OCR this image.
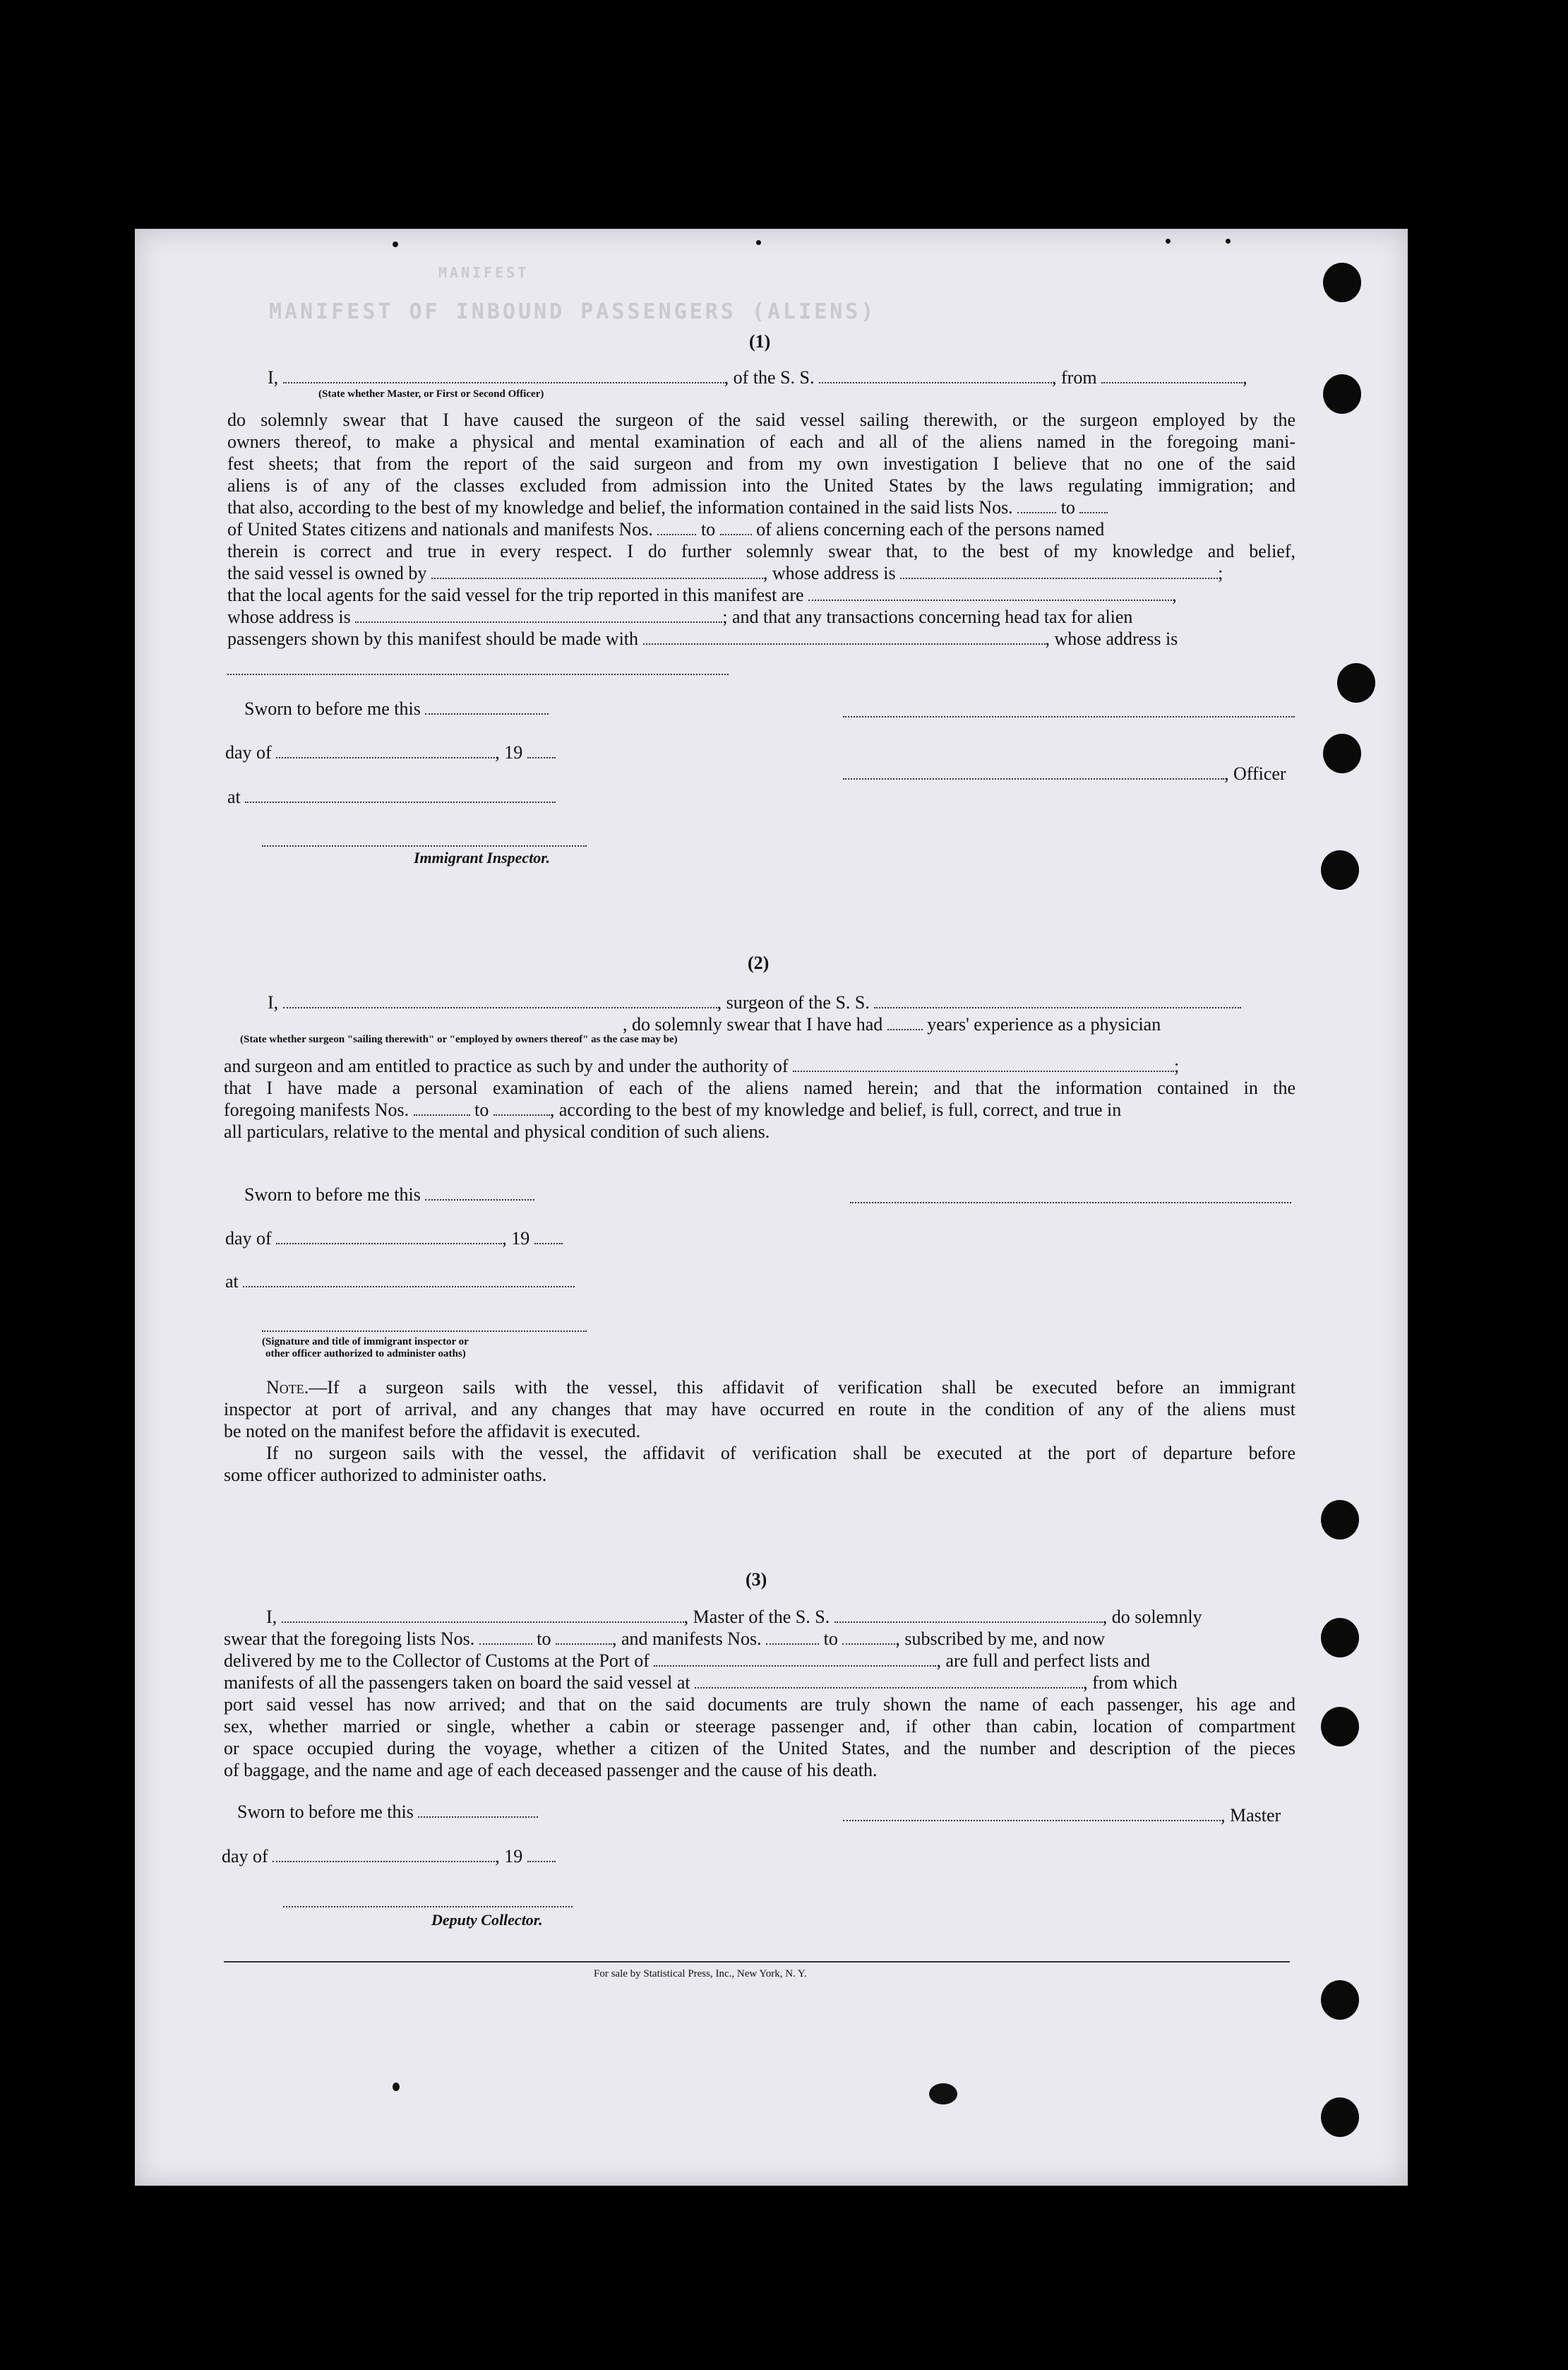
MANIFEST OF INBOUND PASSENGERS (ALIENS)
MANIFEST
(1)
I,	, of the S. S.	, from	,
(State whether Master, or First or Second Officer)
do solemnly swear that I have caused the surgeon of the said vessel sailing therewith, or the surgeon employed by the
owners thereof, to make a physical and mental examination of each and all of the aliens named in the foregoing mani-
fest sheets; that from the report of the said surgeon and from my own investigation I believe that no one of the said
aliens is of any of the classes excluded from admission into the United States by the laws regulating immigration; and
that also, according to the best of my knowledge and belief, the information contained in the said lists Nos.	to
of United States citizens and nationals and manifests Nos.	to of aliens concerning each of the persons named
therein is correct and true in every respect. I do further solemnly swear that, to the best of my knowledge and belief,
the said vessel is owned by	, whose address is	;
that the local agents for the said vessel for the trip reported in this manifest are	,
whose address is	; and that any transactions concerning head tax for alien
passengers shown by this manifest should be made with	, whose address is
Sworn to before me this
day of	, 19
, Officer
at
Immigrant Inspector.
(2)
I,	, surgeon of the S. S.
, do solemnly swear that I have had years' experience as a physician
(State whether surgeon "sailing therewith" or "employed by owners thereof" as the case may be)
and surgeon and am entitled to practice as such by and under the authority of	;
that I have made a personal examination of each of the aliens named herein; and that the information contained in the
foregoing manifests Nos.	to	, according to the best of my knowledge and belief, is full, correct, and true in
all particulars, relative to the mental and physical condition of such aliens.
Sworn to before me this
day of	, 19
at
(Signature and title of immigrant inspector or
other officer authorized to administer oaths)
Note.—If a surgeon sails with the vessel, this affidavit of verification shall be executed before an immigrant
inspector at port of arrival, and any changes that may have occurred en route in the condition of any of the aliens must
be noted on the manifest before the affidavit is executed.
If no surgeon sails with the vessel, the affidavit of verification shall be executed at the port of departure before
some officer authorized to administer oaths.
(3)
I,	, Master of the S. S.	, do solemnly
swear that the foregoing lists Nos.	to	, and manifests Nos.	to	, subscribed by me, and now
delivered by me to the Collector of Customs at the Port of	, are full and perfect lists and
manifests of all the passengers taken on board the said vessel at	, from which
port said vessel has now arrived; and that on the said documents are truly shown the name of each passenger, his age and
sex, whether married or single, whether a cabin or steerage passenger and, if other than cabin, location of compartment
or space occupied during the voyage, whether a citizen of the United States, and the number and description of the pieces
of baggage, and the name and age of each deceased passenger and the cause of his death.
Sworn to before me this	, Master
day of	, 19
Deputy Collector.
For sale by Statistical Press, Inc., New York, N. Y.
